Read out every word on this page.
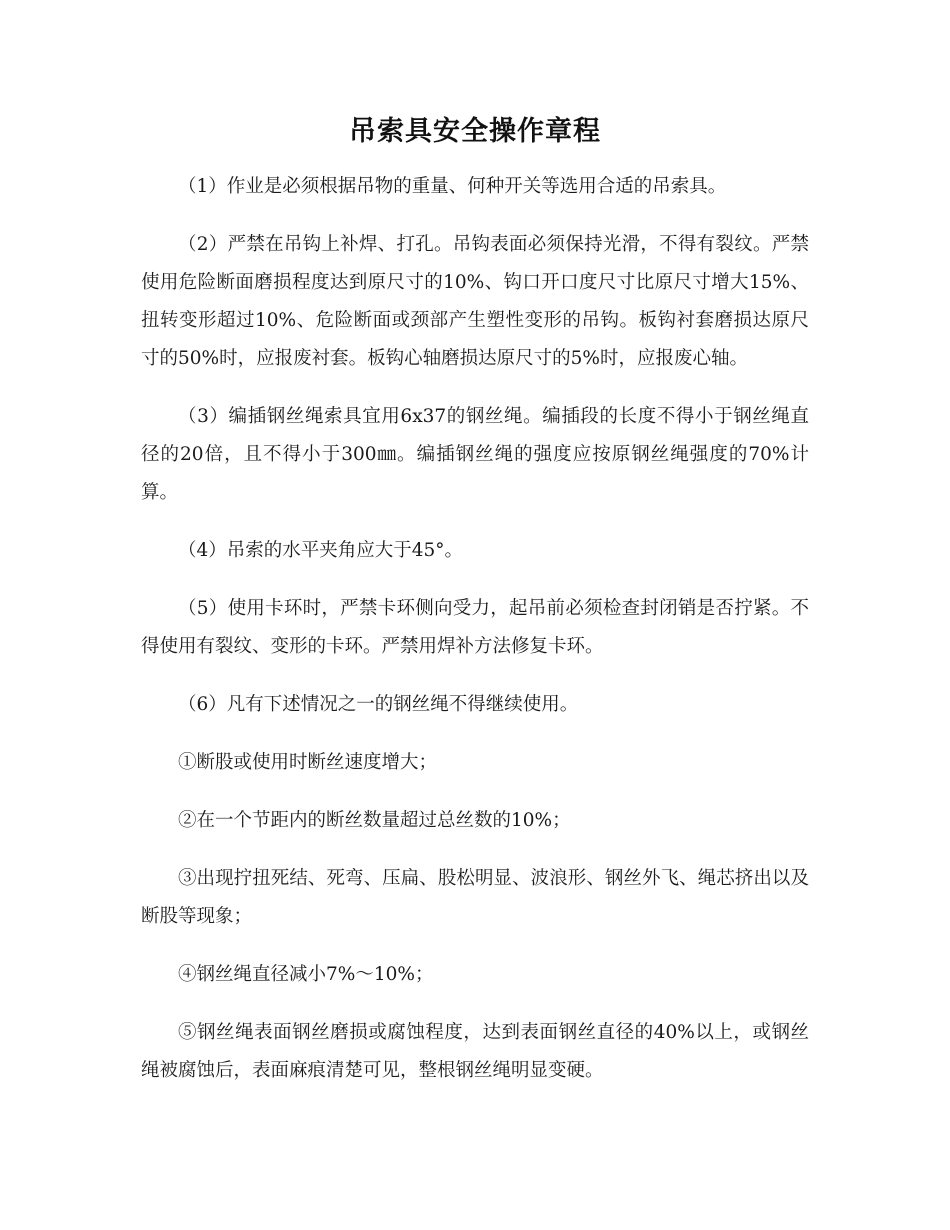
吊索具安全操作章程

（1）作业是必须根据吊物的重量、何种开关等选用合适的吊索具。

（2）严禁在吊钩上补焊、打孔。吊钩表面必须保持光滑，不得有裂纹。严禁使用危险断面磨损程度达到原尺寸的10%、钩口开口度尺寸比原尺寸增大15%、扭转变形超过10%、危险断面或颈部产生塑性变形的吊钩。板钩衬套磨损达原尺寸的50%时，应报废衬套。板钩心轴磨损达原尺寸的5%时，应报废心轴。

（3）编插钢丝绳索具宜用6x37的钢丝绳。编插段的长度不得小于钢丝绳直径的20倍，且不得小于300㎜。编插钢丝绳的强度应按原钢丝绳强度的70%计算。

（4）吊索的水平夹角应大于45°。

（5）使用卡环时，严禁卡环侧向受力，起吊前必须检查封闭销是否拧紧。不得使用有裂纹、变形的卡环。严禁用焊补方法修复卡环。

（6）凡有下述情况之一的钢丝绳不得继续使用。

①断股或使用时断丝速度增大；

②在一个节距内的断丝数量超过总丝数的10%；

③出现拧扭死结、死弯、压扁、股松明显、波浪形、钢丝外飞、绳芯挤出以及断股等现象；

④钢丝绳直径减小7%～10%；

⑤钢丝绳表面钢丝磨损或腐蚀程度，达到表面钢丝直径的40%以上，或钢丝绳被腐蚀后，表面麻痕清楚可见，整根钢丝绳明显变硬。
